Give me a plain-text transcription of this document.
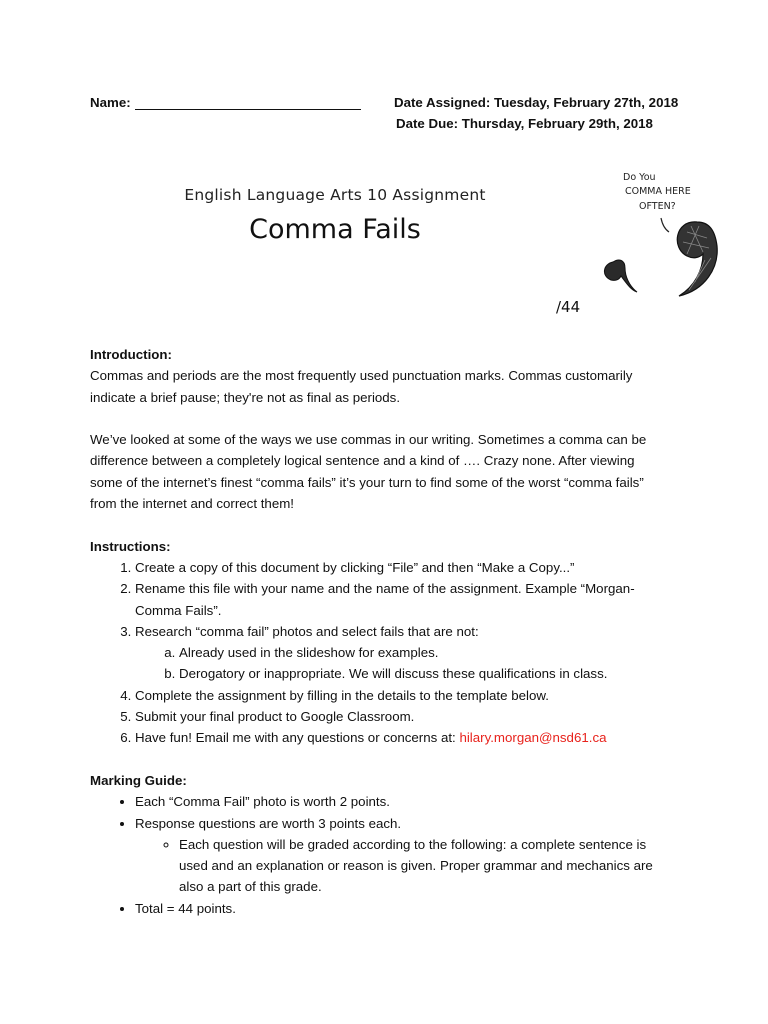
Name:	Date Assigned: Tuesday, February 27th, 2018
Date Due: Thursday, February 29th, 2018
English Language Arts 10 Assignment
Comma Fails
/44
Do You
COMMA HERE
OFTEN?

Introduction:

Commas and periods are the most frequently used punctuation marks. Commas customarily indicate a brief pause; they're not as final as periods.

We’ve looked at some of the ways we use commas in our writing. Sometimes a comma can be difference between a completely logical sentence and a kind of …. Crazy none. After viewing some of the internet’s finest “comma fails” it’s your turn to find some of the worst “comma fails” from the internet and correct them!

Instructions:

1. Create a copy of this document by clicking “File” and then “Make a Copy...”
2. Rename this file with your name and the name of the assignment. Example “Morgan-Comma Fails”.
3. Research “comma fail” photos and select fails that are not:
a. Already used in the slideshow for examples.
b. Derogatory or inappropriate. We will discuss these qualifications in class.
4. Complete the assignment by filling in the details to the template below.
5. Submit your final product to Google Classroom.
6. Have fun! Email me with any questions or concerns at: hilary.morgan@nsd61.ca

Marking Guide:

• Each “Comma Fail” photo is worth 2 points.
• Response questions are worth 3 points each.
◦ Each question will be graded according to the following: a complete sentence is used and an explanation or reason is given. Proper grammar and mechanics are also a part of this grade.
• Total = 44 points.
